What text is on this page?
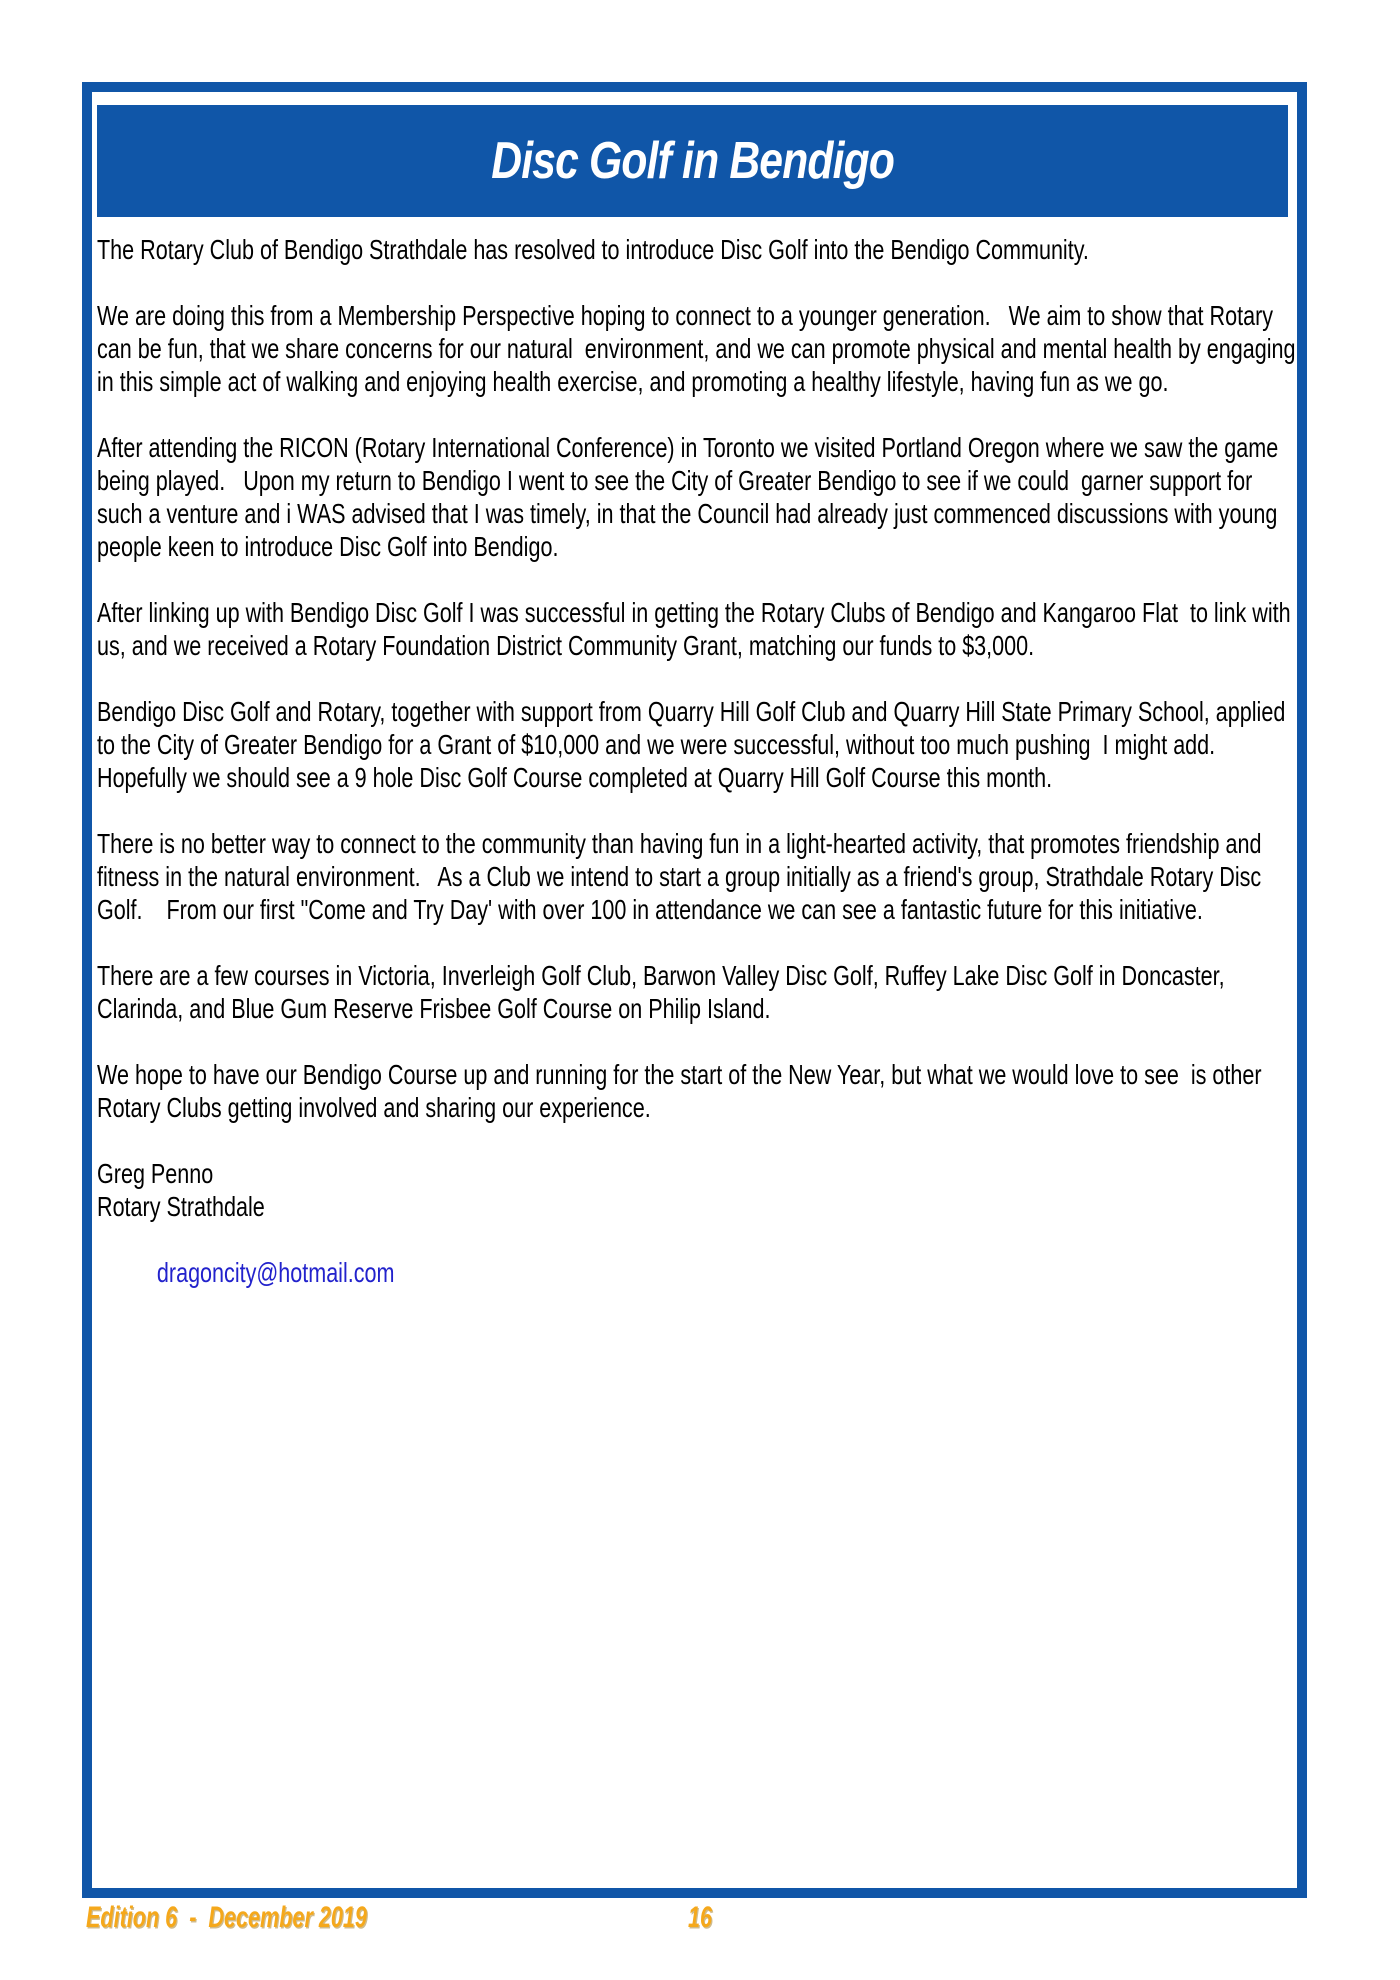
Disc Golf in Bendigo

The Rotary Club of Bendigo Strathdale has resolved to introduce Disc Golf into the Bendigo Community.

We are doing this from a Membership Perspective hoping to connect to a younger generation.   We aim to show that Rotary can be fun, that we share concerns for our natural  environment, and we can promote physical and mental health by engaging in this simple act of walking and enjoying health exercise, and promoting a healthy lifestyle, having fun as we go.

After attending the RICON (Rotary International Conference) in Toronto we visited Portland Oregon where we saw the game being played.   Upon my return to Bendigo I went to see the City of Greater Bendigo to see if we could  garner support for such a venture and i WAS advised that I was timely, in that the Council had already just commenced discussions with young people keen to introduce Disc Golf into Bendigo.

After linking up with Bendigo Disc Golf I was successful in getting the Rotary Clubs of Bendigo and Kangaroo Flat  to link with us, and we received a Rotary Foundation District Community Grant, matching our funds to $3,000.

Bendigo Disc Golf and Rotary, together with support from Quarry Hill Golf Club and Quarry Hill State Primary School, applied to the City of Greater Bendigo for a Grant of $10,000 and we were successful, without too much pushing  I might add.    Hopefully we should see a 9 hole Disc Golf Course completed at Quarry Hill Golf Course this month.

There is no better way to connect to the community than having fun in a light-hearted activity, that promotes friendship and fitness in the natural environment.   As a Club we intend to start a group initially as a friend's group, Strathdale Rotary Disc Golf.    From our first "Come and Try Day' with over 100 in attendance we can see a fantastic future for this initiative.

There are a few courses in Victoria, Inverleigh Golf Club, Barwon Valley Disc Golf, Ruffey Lake Disc Golf in Doncaster, Clarinda, and Blue Gum Reserve Frisbee Golf Course on Philip Island.

We hope to have our Bendigo Course up and running for the start of the New Year, but what we would love to see  is other Rotary Clubs getting involved and sharing our experience.

Greg Penno
Rotary Strathdale

dragoncity@hotmail.com

Edition 6  -  December 2019	16
